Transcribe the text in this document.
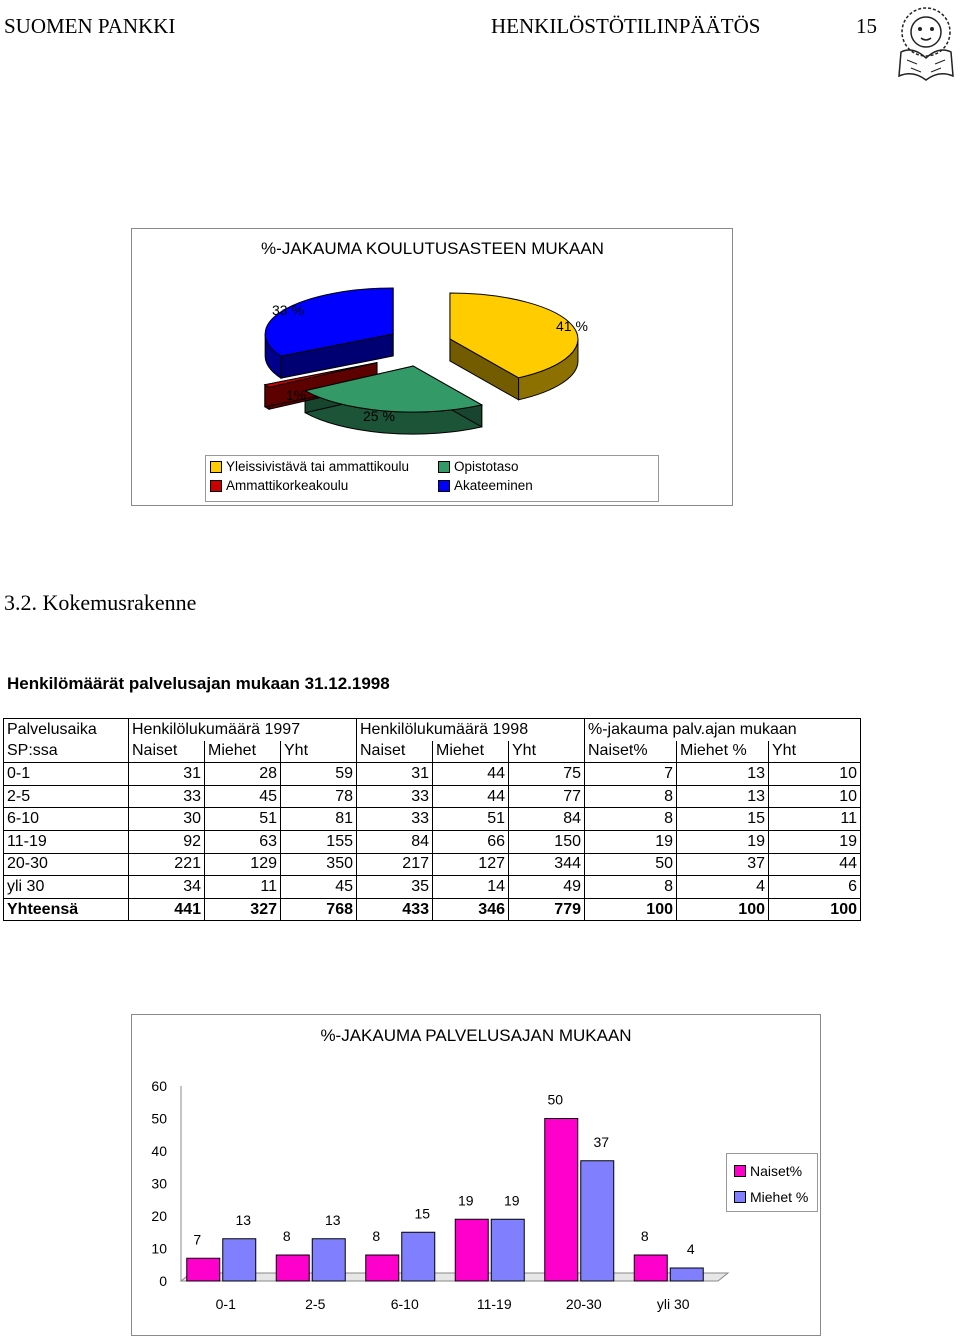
SUOMEN PANKKI	HENKILÖSTÖTILINPÄÄTÖS	15
%-JAKAUMA KOULUTUSASTEEN MUKAAN
41 %
25 %
1%
33 %
Yleissivistävä tai ammattikoulu	Opistotaso
Ammattikorkeakoulu	Akateeminen
3.2. Kokemusrakenne
Henkilömäärät palvelusajan mukaan 31.12.1998
Palvelusaika	Henkilölukumäärä 1997			Henkilölukumäärä 1998			%-jakauma palv.ajan mukaan		
SP:ssa	Naiset	Miehet	Yht	Naiset	Miehet	Yht	Naiset%	Miehet %	Yht
0-1	31	28	59	31	44	75	7	13	10
2-5	33	45	78	33	44	77	8	13	10
6-10	30	51	81	33	51	84	8	15	11
11-19	92	63	155	84	66	150	19	19	19
20-30	221	129	350	217	127	344	50	37	44
yli 30	34	11	45	35	14	49	8	4	6
Yhteensä	441	327	768	433	346	779	100	100	100
%-JAKAUMA PALVELUSAJAN MUKAAN
0
10
20
30
40
50
60
0-1
7
13
2-5
8
13
6-10
8
15
11-19
19 19
20-30
50
37
yli 30
8
4
Naiset%
Miehet %
